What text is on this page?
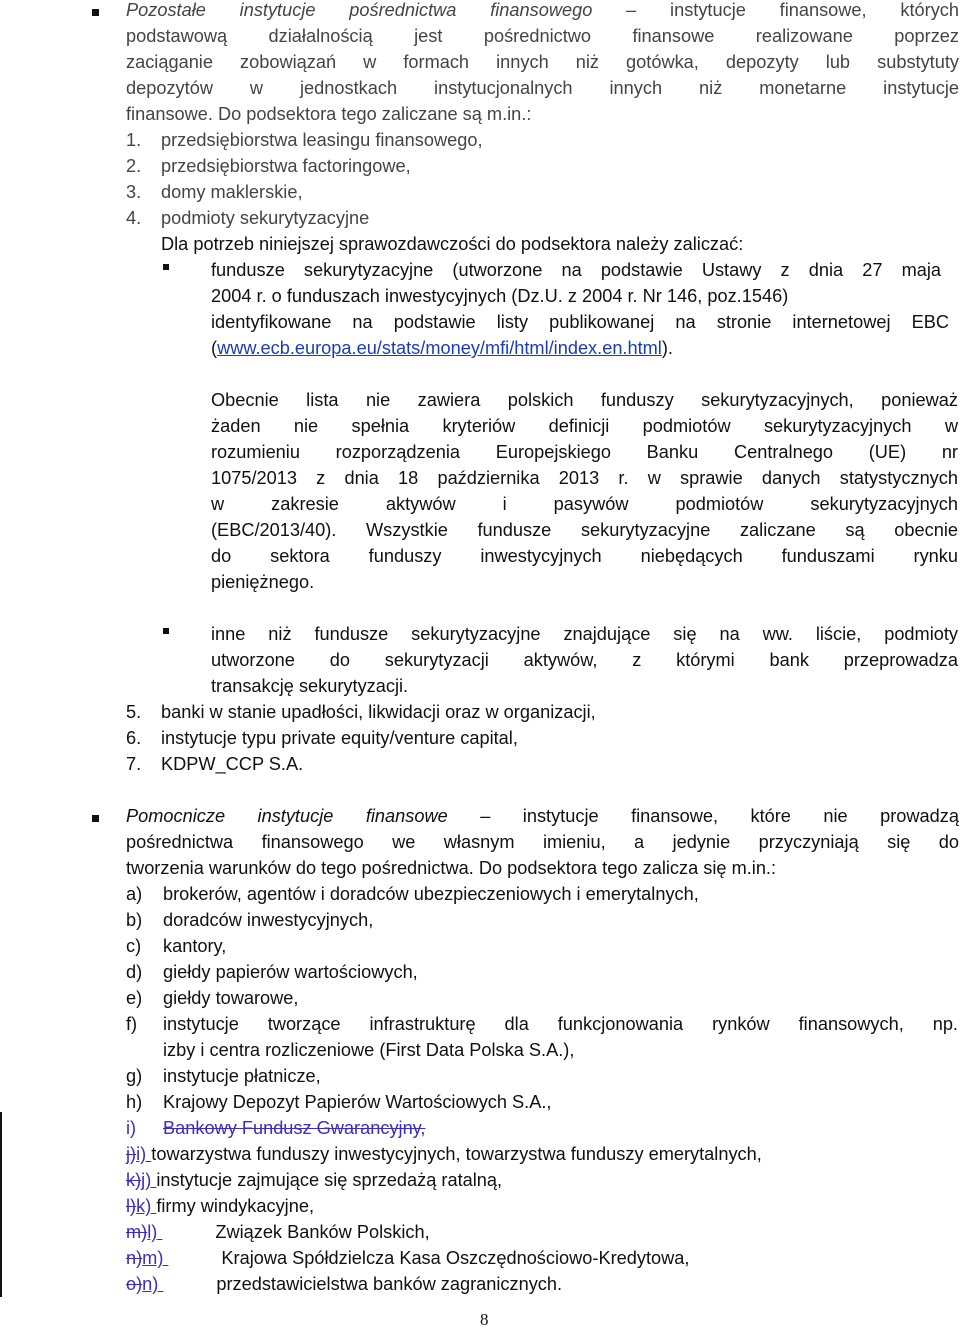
Pozostałe instytucje pośrednictwa finansowego – instytucje finansowe, których
podstawową działalnością jest pośrednictwo finansowe realizowane poprzez
zaciąganie zobowiązań w formach innych niż gotówka, depozyty lub substytuty
depozytów w jednostkach instytucjonalnych innych niż monetarne instytucje
finansowe. Do podsektora tego zaliczane są m.in.:
1. przedsiębiorstwa leasingu finansowego,
2. przedsiębiorstwa factoringowe,
3. domy maklerskie,
4. podmioty sekurytyzacyjne
Dla potrzeb niniejszej sprawozdawczości do podsektora należy zaliczać:
fundusze sekurytyzacyjne (utworzone na podstawie Ustawy z dnia 27 maja
2004 r. o funduszach inwestycyjnych (Dz.U. z 2004 r. Nr 146, poz.1546)
identyfikowane na podstawie listy publikowanej na stronie internetowej EBC
(www.ecb.europa.eu/stats/money/mfi/html/index.en.html).
Obecnie lista nie zawiera polskich funduszy sekurytyzacyjnych, ponieważ
żaden nie spełnia kryteriów definicji podmiotów sekurytyzacyjnych w
rozumieniu rozporządzenia Europejskiego Banku Centralnego (UE) nr
1075/2013 z dnia 18 października 2013 r. w sprawie danych statystycznych
w zakresie aktywów i pasywów podmiotów sekurytyzacyjnych
(EBC/2013/40). Wszystkie fundusze sekurytyzacyjne zaliczane są obecnie
do sektora funduszy inwestycyjnych niebędących funduszami rynku
pieniężnego.
inne niż fundusze sekurytyzacyjne znajdujące się na ww. liście, podmioty
utworzone do sekurytyzacji aktywów, z którymi bank przeprowadza
transakcję sekurytyzacji.
5. banki w stanie upadłości, likwidacji oraz w organizacji,
6. instytucje typu private equity/venture capital,
7. KDPW_CCP S.A.
Pomocnicze instytucje finansowe – instytucje finansowe, które nie prowadzą
pośrednictwa finansowego we własnym imieniu, a jedynie przyczyniają się do
tworzenia warunków do tego pośrednictwa. Do podsektora tego zalicza się m.in.:
a) brokerów, agentów i doradców ubezpieczeniowych i emerytalnych,
b) doradców inwestycyjnych,
c) kantory,
d) giełdy papierów wartościowych,
e) giełdy towarowe,
f) instytucje tworzące infrastrukturę dla funkcjonowania rynków finansowych, np.
izby i centra rozliczeniowe (First Data Polska S.A.),
g) instytucje płatnicze,
h) Krajowy Depozyt Papierów Wartościowych S.A.,
i) Bankowy Fundusz Gwarancyjny,
j)i) towarzystwa funduszy inwestycyjnych, towarzystwa funduszy emerytalnych,
k)j) instytucje zajmujące się sprzedażą ratalną,
l)k) firmy windykacyjne,
m)l)	Związek Banków Polskich,
n)m)	Krajowa Spółdzielcza Kasa Oszczędnościowo-Kredytowa,
o)n)	przedstawicielstwa banków zagranicznych.
8
